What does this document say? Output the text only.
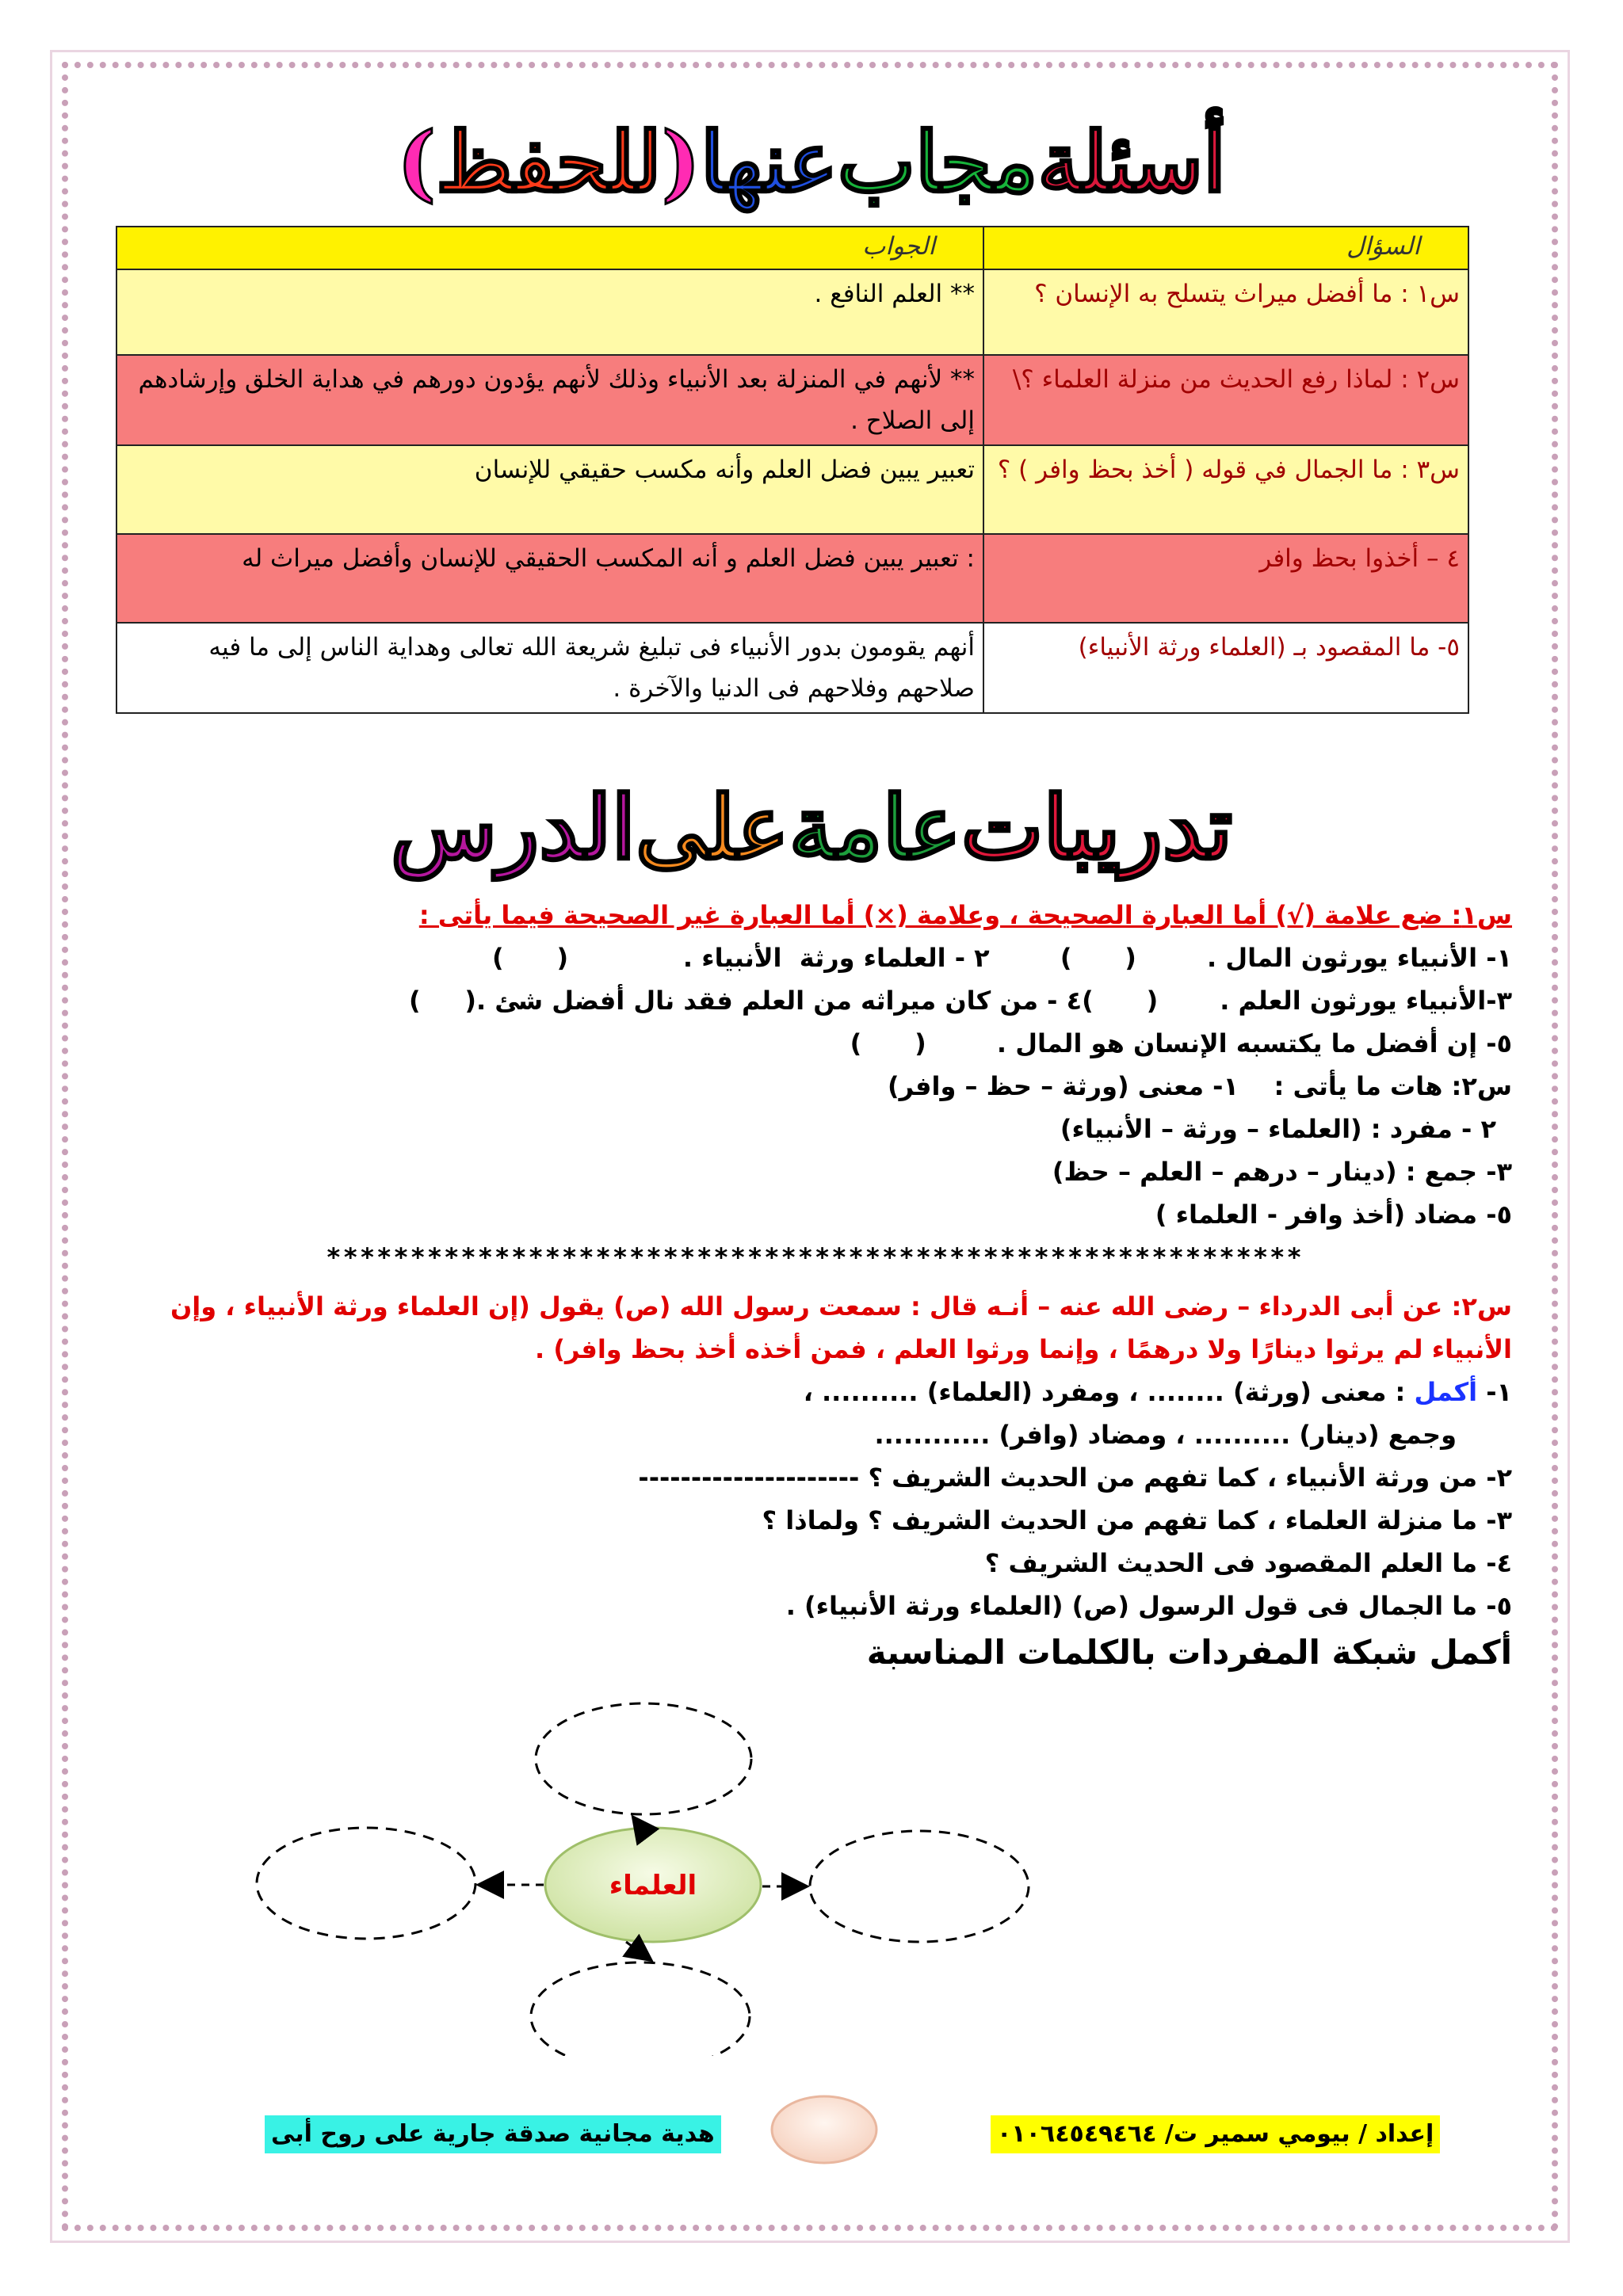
أسئلةمجابعنها(للحفظ)
السؤال	الجواب
س١ : ما أفضل ميراث يتسلح به الإنسان ؟	** العلم النافع .
س٢ : لماذا رفع الحديث من منزلة العلماء ؟\	** لأنهم في المنزلة بعد الأنبياء وذلك لأنهم يؤدون دورهم في هداية الخلق وإرشادهم إلى الصلاح .
س٣ : ما الجمال في قوله ( أخذ بحظ وافر ) ؟	تعبير يبين فضل العلم وأنه مكسب حقيقي للإنسان
٤ – أخذوا بحظ وافر	: تعبير يبين فضل العلم و أنه المكسب الحقيقي للإنسان وأفضل ميراث له
٥- ما المقصود بـ (العلماء ورثة الأنبياء)	أنهم يقومون بدور الأنبياء فى تبليغ شريعة الله تعالى وهداية الناس إلى ما فيه صلاحهم وفلاحهم فى الدنيا والآخرة .
تدريباتعامةعلىالدرس
س١: ضع علامة (√) أما العبارة الصحيحة ، وعلامة (×) أما العبارة غير الصحيحة فيما يأتى :
١- الأنبياء يورثون المال .        (      )        ٢ - العلماء ورثة  الأنبياء .             (      )
٣-الأنبياء يورثون العلم .       (      )٤ - من كان ميراثه من العلم فقد نال أفضل شئ .(     )
٥- إن أفضل ما يكتسبه الإنسان هو المال .        (      )
س٢: هات ما يأتى :    ١- معنى (ورثة – حظ – وافر)
٢ - مفرد : (العلماء – ورثة – الأنبياء)
٣- جمع : (دينار – درهم – العلم – حظ)
٥- مضاد (أخذ وافر - العلماء )
**********************************************************
س٢: عن أبى الدرداء – رضى الله عنه – أنـه قال : سمعت رسول الله (ص) يقول (إن العلماء ورثة الأنبياء ، وإن الأنبياء لم يرثوا دينارًا ولا درهمًا ، وإنما ورثوا العلم ، فمن أخذه أخذ بحظ وافر) .
١- أكمل : معنى (ورثة) ........ ، ومفرد (العلماء) .......... ،
وجمع (دينار) .......... ، ومضاد (وافر) ............
٢- من ورثة الأنبياء ، كما تفهم من الحديث الشريف ؟ ---------------------
٣- ما منزلة العلماء ، كما تفهم من الحديث الشريف ؟ ولماذا ؟
٤- ما العلم المقصود فى الحديث الشريف ؟
٥- ما الجمال فى قول الرسول (ص) (العلماء ورثة الأنبياء) .
أكمل شبكة المفردات بالكلمات المناسبة
العلماء
إعداد / بيومي سمير ت/ ٠١٠٦٤٥٤٩٤٦٤
هدية مجانية صدقة جارية على روح أبى
